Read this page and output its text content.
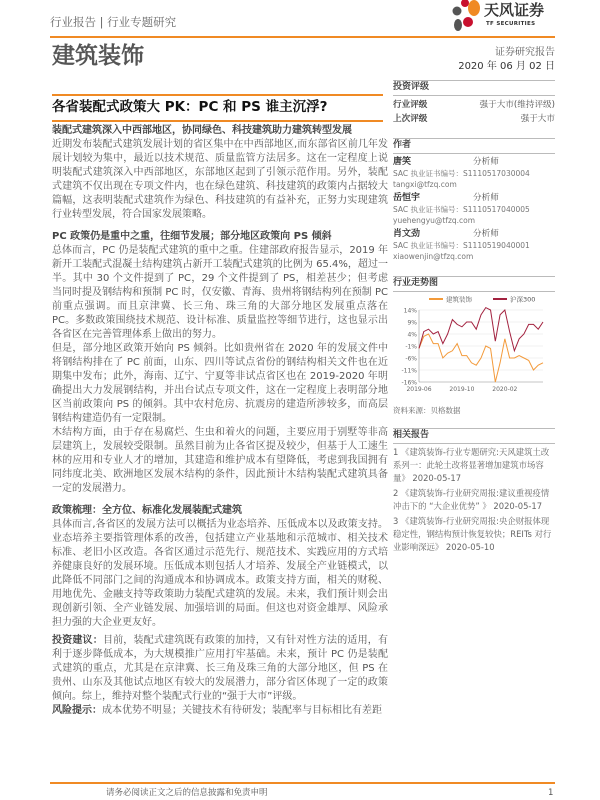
行业报告 | 行业专题研究
天风证券
TF SECURITIES
建筑装饰	证券研究报告
2020 年 06 月 02 日
各省装配式政策大 PK：PC 和 PS 谁主沉浮?
装配式建筑深入中西部地区，协同绿色、科技建筑助力建筑转型发展
近期发布装配式建筑发展计划的省区集中在中西部地区,而东部省区前几年发展计划较为集中，最近以技术规范、质量监管方法居多。这在一定程度上说明装配式建筑深入中西部地区，东部地区起到了引领示范作用。另外，装配式建筑不仅出现在专项文件内，也在绿色建筑、科技建筑的政策内占据较大篇幅，这表明装配式建筑作为绿色、科技建筑的有益补充，正努力实现建筑行业转型发展，符合国家发展策略。
PC 政策仍是重中之重，往细节发展；部分地区政策向 PS 倾斜
总体而言，PC 仍是装配式建筑的重中之重。住建部政府报告显示，2019 年新开工装配式混凝土结构建筑占新开工装配式建筑的比例为 65.4%，超过一半。其中 30 个文件提到了 PC，29 个文件提到了 PS，相差甚少；但考虑当同时提及钢结构和预制 PC 时，仅安徽、青海、贵州将钢结构列在预制 PC 前重点强调。而且京津冀、长三角、珠三角的大部分地区发展重点落在 PC。多数政策围绕技术规范、设计标准、质量监控等细节进行，这也显示出各省区在完善管理体系上做出的努力。
但是，部分地区政策开始向 PS 倾斜。比如贵州省在 2020 年的发展文件中将钢结构排在了 PC 前面，山东、四川等试点省份的钢结构相关文件也在近期集中发布；此外，海南、辽宁、宁夏等非试点省区也在 2019-2020 年明确提出大力发展钢结构，并出台试点专项文件，这在一定程度上表明部分地区当前政策向 PS 的倾斜。其中农村危房、抗震房的建造所涉较多，而高层钢结构建造仍有一定限制。
木结构方面，由于存在易腐烂、生虫和着火的问题，主要应用于别墅等非高层建筑上，发展较受限制。虽然目前为止各省区提及较少，但基于人工速生林的应用和专业人才的增加，其建造和维护成本有望降低，考虑到我国拥有同纬度北美、欧洲地区发展木结构的条件，因此预计木结构装配式建筑具备一定的发展潜力。
政策梳理：全方位、标准化发展装配式建筑
具体而言,各省区的发展方法可以概括为业态培养、压低成本以及政策支持。业态培养主要指管理体系的改善，包括建立产业基地和示范城市、相关技术标准、老旧小区改造。各省区通过示范先行、规范技术、实践应用的方式培养健康良好的发展环境。压低成本则包括人才培养、发展全产业链模式，以此降低不同部门之间的沟通成本和协调成本。政策支持方面，相关的财税、用地优先、金融支持等政策助力装配式建筑的发展。未来，我们预计则会出现创新引领、全产业链发展、加强培训的局面。但这也对资金雄厚、风险承担力强的大企业更友好。
投资建议：目前，装配式建筑既有政策的加持，又有针对性方法的适用，有利于逐步降低成本，为大规模推广应用打牢基础。未来，预计 PC 仍是装配式建筑的重点，尤其是在京津冀、长三角及珠三角的大部分地区，但 PS 在贵州、山东及其他试点地区有较大的发展潜力，部分省区体现了一定的政策倾向。综上，维持对整个装配式行业的“强于大市”评级。
风险提示：成本优势不明显；关键技术有待研发；装配率与目标相比有差距
投资评级
行业评级	强于大市(维持评级)
上次评级	强于大市
作者
唐笑	分析师
SAC 执业证书编号：S1110517030004
tangxi@tfzq.com
岳恒宇	分析师
SAC 执业证书编号：S1110517040005
yuehengyu@tfzq.com
肖文劲	分析师
SAC 执业证书编号：S1110519040001
xiaowenjin@tfzq.com
行业走势图
14%
9%
4%
-1%
-6%
-11%
-16%
2019-06	2019-10	2020-02
建筑装饰	沪深300
资料来源：贝格数据
相关报告
1 《建筑装饰-行业专题研究:天风建筑土改系列一：此轮土改将显著增加建筑市场容量》 2020-05-17
2 《建筑装饰-行业研究周报:建议重视疫情冲击下的 “大企业优势” 》 2020-05-17
3 《建筑装饰-行业研究周报:央企财报体现稳定性，钢结构预计恢复较快；REITs 对行业影响深远》 2020-05-10
请务必阅读正文之后的信息披露和免责申明	1
